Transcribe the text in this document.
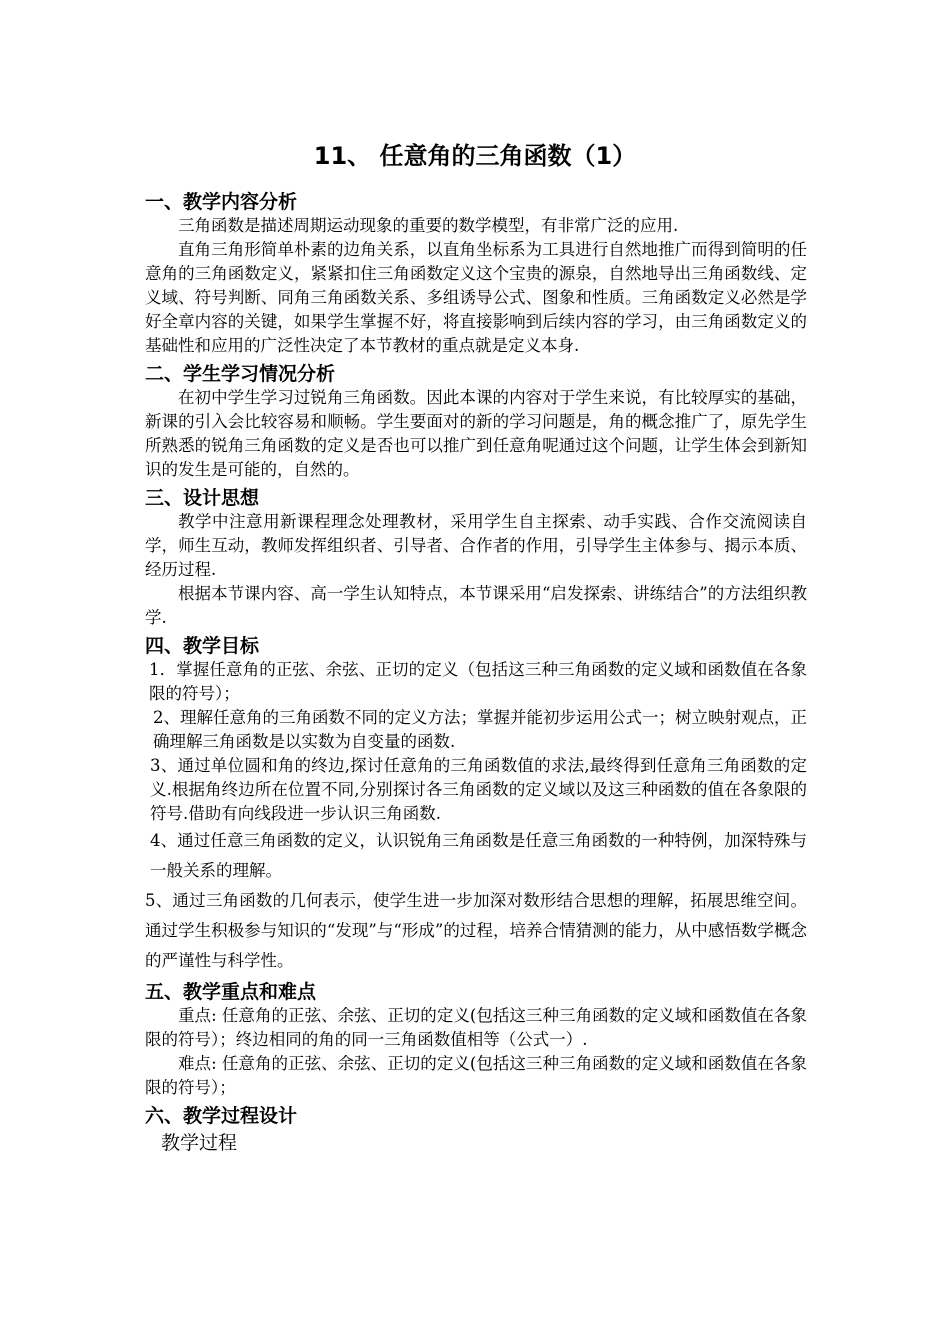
11、 任意角的三角函数（1）
一、教学内容分析

三角函数是描述周期运动现象的重要的数学模型，有非常广泛的应用.

直角三角形简单朴素的边角关系，以直角坐标系为工具进行自然地推广而得到简明的任意角的三角函数定义，紧紧扣住三角函数定义这个宝贵的源泉，自然地导出三角函数线、定义域、符号判断、同角三角函数关系、多组诱导公式、图象和性质。三角函数定义必然是学好全章内容的关键，如果学生掌握不好，将直接影响到后续内容的学习，由三角函数定义的基础性和应用的广泛性决定了本节教材的重点就是定义本身.

二、学生学习情况分析

在初中学生学习过锐角三角函数。因此本课的内容对于学生来说，有比较厚实的基础，新课的引入会比较容易和顺畅。学生要面对的新的学习问题是，角的概念推广了，原先学生所熟悉的锐角三角函数的定义是否也可以推广到任意角呢通过这个问题，让学生体会到新知识的发生是可能的，自然的。

三、设计思想

教学中注意用新课程理念处理教材，采用学生自主探索、动手实践、合作交流阅读自学，师生互动，教师发挥组织者、引导者、合作者的作用，引导学生主体参与、揭示本质、经历过程.

根据本节课内容、高一学生认知特点，本节课采用“启发探索、讲练结合”的方法组织教学.

四、教学目标

1．掌握任意角的正弦、余弦、正切的定义（包括这三种三角函数的定义域和函数值在各象限的符号）；

2、理解任意角的三角函数不同的定义方法；掌握并能初步运用公式一；树立映射观点，正确理解三角函数是以实数为自变量的函数.

3、通过单位圆和角的终边,探讨任意角的三角函数值的求法,最终得到任意角三角函数的定义.根据角终边所在位置不同,分别探讨各三角函数的定义域以及这三种函数的值在各象限的符号.借助有向线段进一步认识三角函数.

4、通过任意三角函数的定义，认识锐角三角函数是任意三角函数的一种特例，加深特殊与一般关系的理解。

5、通过三角函数的几何表示，使学生进一步加深对数形结合思想的理解，拓展思维空间。通过学生积极参与知识的“发现”与“形成”的过程，培养合情猜测的能力，从中感悟数学概念的严谨性与科学性。

五、教学重点和难点

重点: 任意角的正弦、余弦、正切的定义(包括这三种三角函数的定义域和函数值在各象限的符号）；终边相同的角的同一三角函数值相等（公式一）.

难点: 任意角的正弦、余弦、正切的定义(包括这三种三角函数的定义域和函数值在各象限的符号）；

六、教学过程设计
教学过程
